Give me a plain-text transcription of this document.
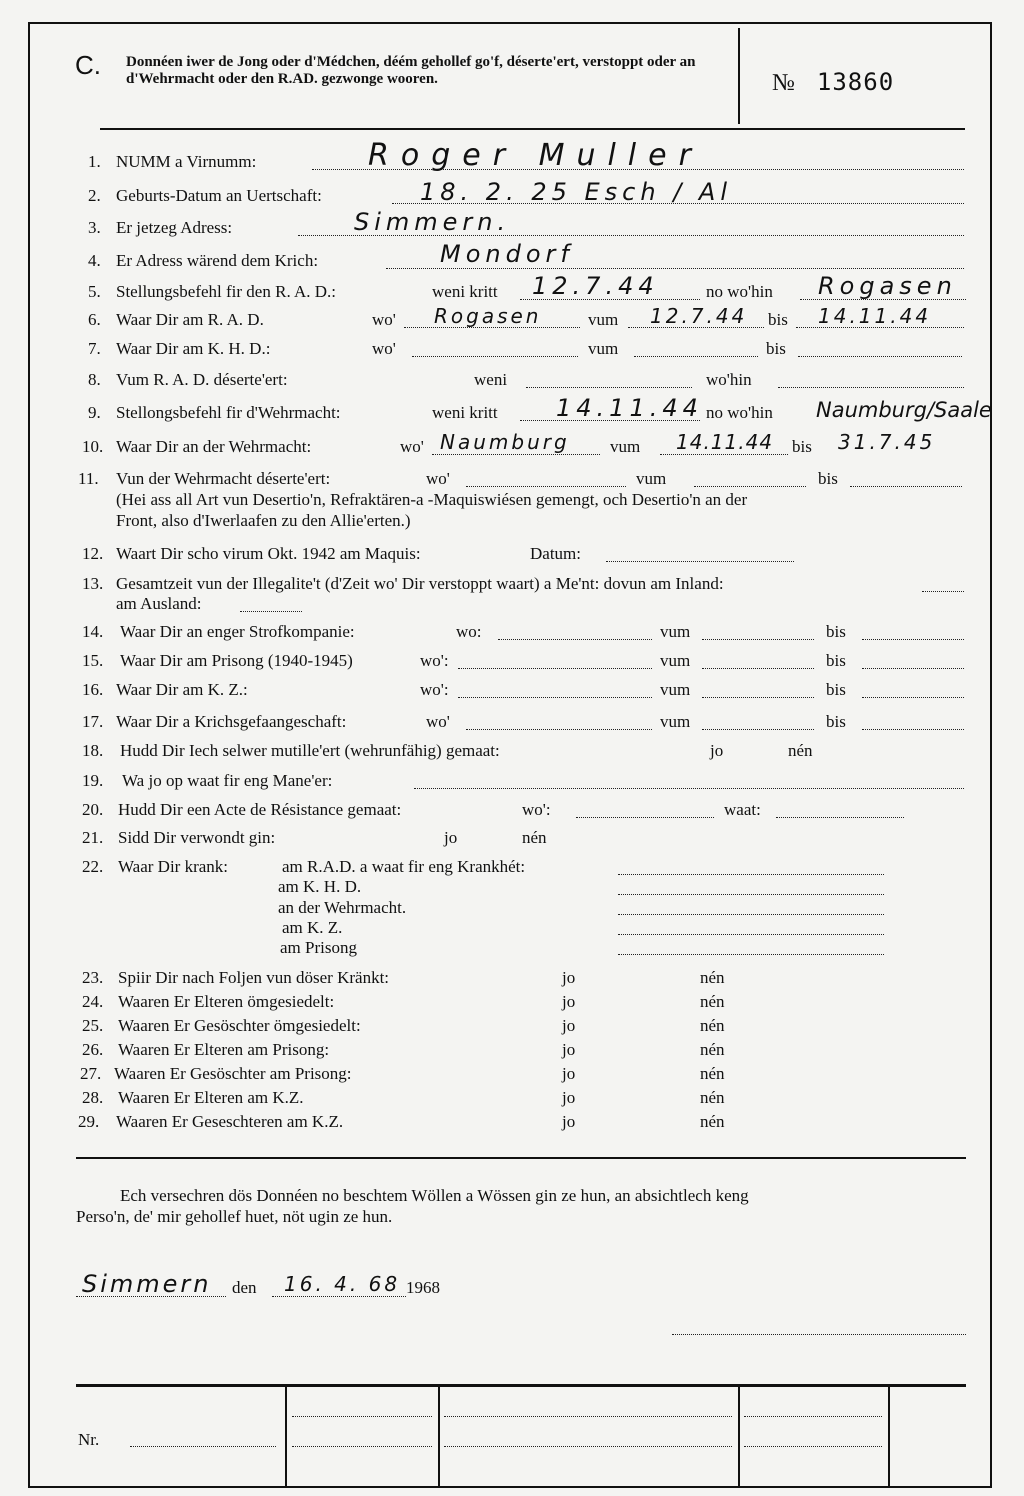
C. Donnéen iwer de Jong oder d'Médchen, déém gehollef go'f, déserte'ert, verstoppt oder an d'Wehrmacht oder den R.AD. gezwonge wooren.	№ 13860
1. NUMM a Virnumm:	Roger Muller
2. Geburts-Datum an Uertschaft:	18. 2. 25 Esch / Al
3. Er jetzeg Adress:	Simmern.
4. Er Adress wärend dem Krich:	Mondorf
5. Stellungsbefehl fir den R. A. D.:	weni kritt 12.7.44	no wo'hin Rogasen
6. Waar Dir am R. A. D.	wo' Rogasen	vum 12.7.44 bis 14.11.44
7. Waar Dir am K. H. D.:	wo'	vum	bis
8. Vum R. A. D. déserte'ert:	weni	wo'hin
9. Stellongsbefehl fir d'Wehrmacht:	weni kritt 14.11.44 no wo'hin Naumburg/Saale
10. Waar Dir an der Wehrmacht:	wo' Naumburg vum 14.11.44 bis 31.7.45
11. Vun der Wehrmacht déserte'ert:	wo'	vum	bis
(Hei ass all Art vun Desertio'n, Refraktären-a -Maquiswiésen gemengt, och Desertio'n an der
Front, also d'Iwerlaafen zu den Allie'erten.)
12. Waart Dir scho virum Okt. 1942 am Maquis:	Datum:
13. Gesamtzeit vun der Illegalite't (d'Zeit wo' Dir verstoppt waart) a Me'nt: dovun am Inland:
am Ausland:
14. Waar Dir an enger Strofkompanie:	wo:	vum	bis
15. Waar Dir am Prisong (1940-1945)	wo':	vum	bis
16. Waar Dir am K. Z.:	wo':	vum	bis
17. Waar Dir a Krichsgefaangeschaft:	wo'	vum	bis
18. Hudd Dir Iech selwer mutille'ert (wehrunfähig) gemaat:	jo	nén
19. Wa jo op waat fir eng Mane'er:
20. Hudd Dir een Acte de Résistance gemaat:	wo':	waat:
21. Sidd Dir verwondt gin:	jo	nén
22. Waar Dir krank:	am R.A.D. a waat fir eng Krankhét:
am K. H. D.
an der Wehrmacht.
am K. Z.
am Prisong
23. Spiir Dir nach Foljen vun döser Kränkt:	jo	nén
24. Waaren Er Elteren ömgesiedelt:	jo	nén
25. Waaren Er Gesöschter ömgesiedelt:	jo	nén
26. Waaren Er Elteren am Prisong:	jo	nén
27. Waaren Er Gesöschter am Prisong:	jo	nén
28. Waaren Er Elteren am K.Z.	jo	nén
29. Waaren Er Geseschteren am K.Z.	jo	nén
Ech versechren dös Donnéen no beschtem Wöllen a Wössen gin ze hun, an absichtlech keng
Perso'n, de' mir gehollef huet, nöt ugin ze hun.
Simmern den 16. 4. 68 1968
Nr.
